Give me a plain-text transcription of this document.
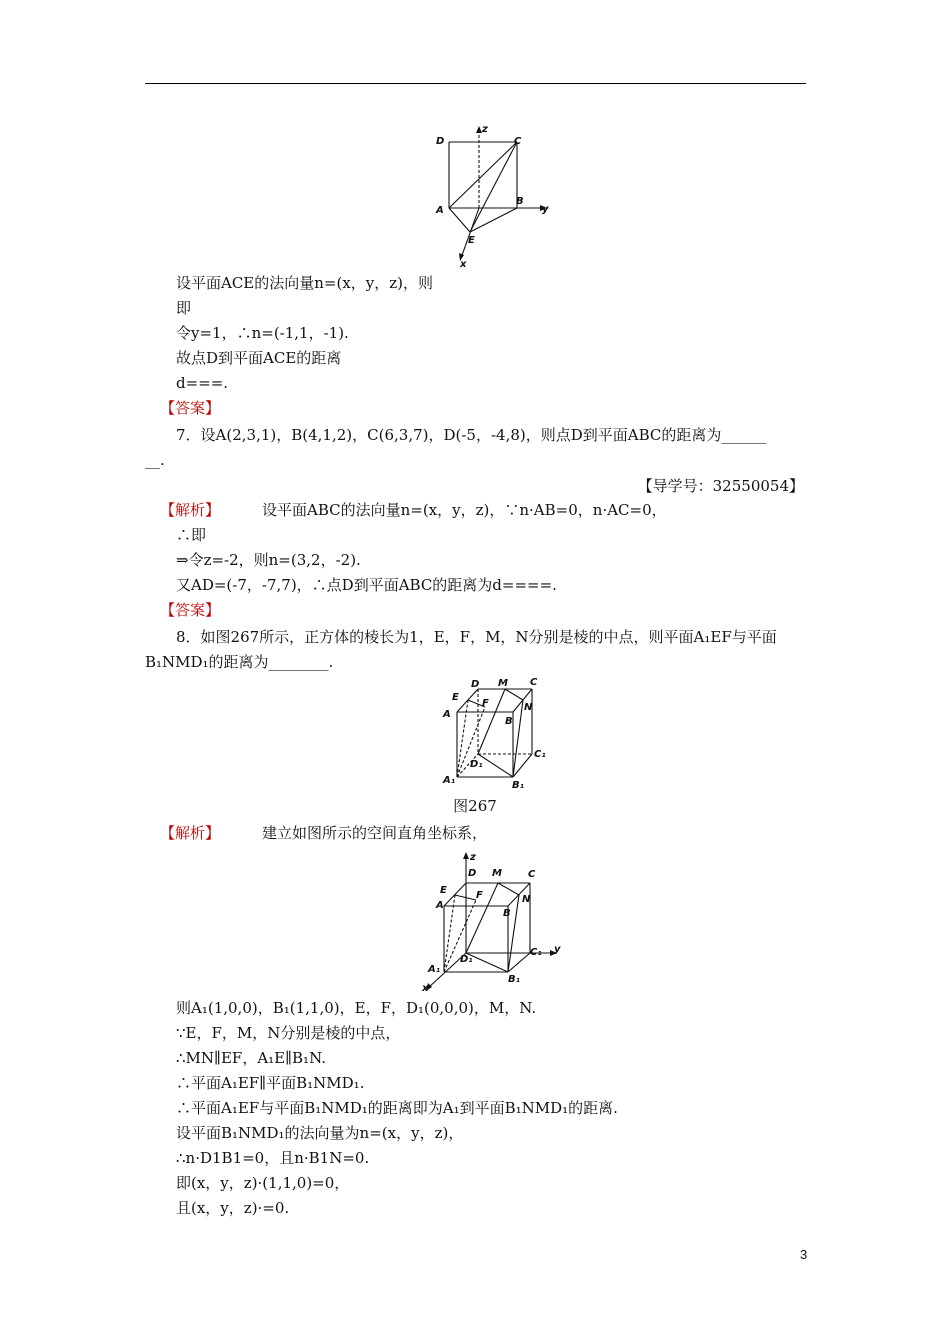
D
z
C
A
B
y
E
x
设平面ACE的法向量n=(x，y，z)，则
即
令y=1，∴n=(-1,1，-1).
故点D到平面ACE的距离
d===.
【答案】
7．设A(2,3,1)，B(4,1,2)，C(6,3,7)，D(-5，-4,8)，则点D到平面ABC的距离为______
__.
【导学号：32550054】
【解析】	设平面ABC的法向量n=(x，y，z)，∵n·AB=0，n·AC=0，
∴即
⇒令z=-2，则n=(3,2，-2).
又AD=(-7，-7,7)，∴点D到平面ABC的距离为d====.
【答案】
8．如图267所示，正方体的棱长为1，E，F，M，N分别是棱的中点，则平面A₁EF与平面
B₁NMD₁的距离为________.
D M C
E
F
A
B
N
C₁
D₁
A₁	B₁
图267
【解析】	建立如图所示的空间直角坐标系，
z
D M	C
E	F
A
B
N
C₁ y
A₁
D₁
B₁
x
则A₁(1,0,0)，B₁(1,1,0)，E，F，D₁(0,0,0)，M，N.
∵E，F，M，N分别是棱的中点，
∴MN∥EF，A₁E∥B₁N.
∴平面A₁EF∥平面B₁NMD₁.
∴平面A₁EF与平面B₁NMD₁的距离即为A₁到平面B₁NMD₁的距离.
设平面B₁NMD₁的法向量为n=(x，y，z)，
∴n·D1B1=0，且n·B1N=0.
即(x，y，z)·(1,1,0)=0，
且(x，y，z)·=0.
3
